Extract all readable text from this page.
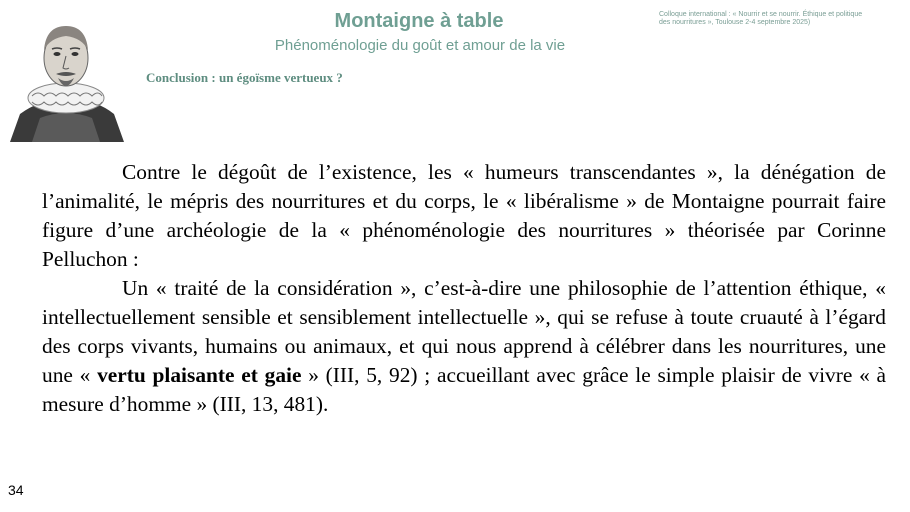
Montaigne à table
Phénoménologie du goût et amour de la vie
Colloque international : « Nourrir et se nourrir. Éthique et politique
des nourritures », Toulouse 2-4 septembre 2025)
Conclusion : un égoïsme vertueux ?

Contre le dégoût de l’existence, les « humeurs transcendantes », la dénégation de l’animalité, le mépris des nourritures et du corps, le « libéralisme » de Montaigne pourrait faire figure d’une archéologie de la « phénoménologie des nourritures » théorisée par Corinne Pelluchon :

Un « traité de la considération », c’est-à-dire une philosophie de l’attention éthique, « intellectuellement sensible et sensiblement intellectuelle », qui se refuse à toute cruauté à l’égard des corps vivants, humains ou animaux, et qui nous apprend à célébrer dans les nourritures, une une « vertu plaisante et gaie » (III, 5, 92) ; accueillant avec grâce le simple plaisir de vivre « à mesure d’homme » (III, 13, 481).

34
